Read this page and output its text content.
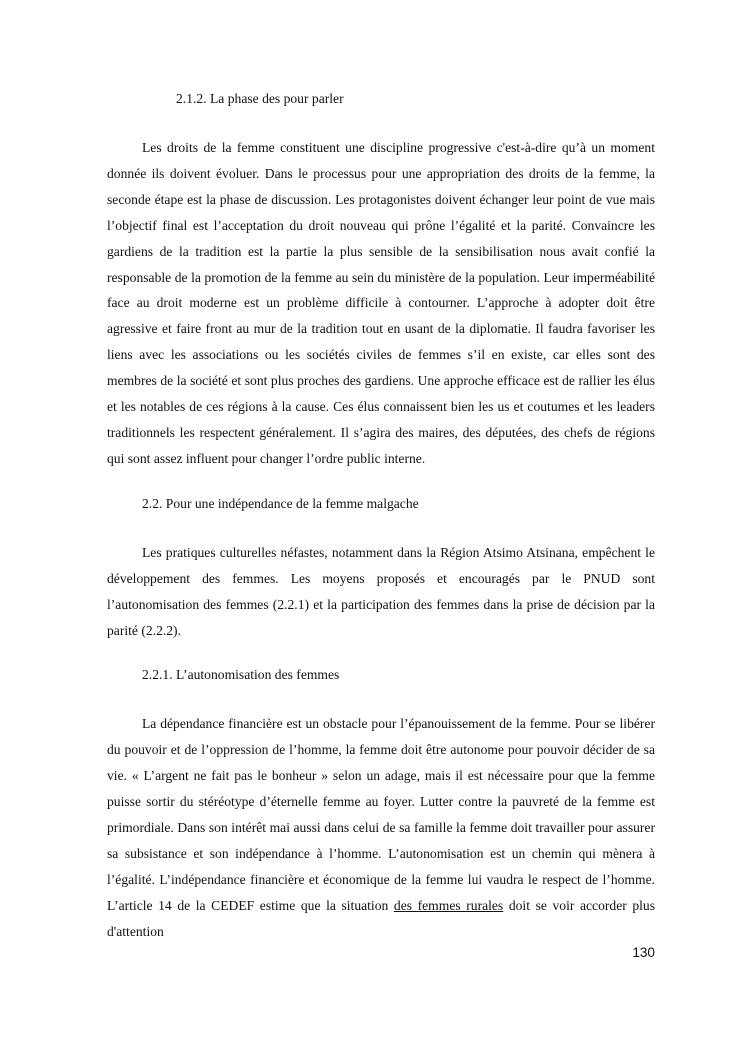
2.1.2. La phase des pour parler

Les droits de la femme constituent une discipline progressive c'est-à-dire qu’à un moment donnée ils doivent évoluer. Dans le processus pour une appropriation des droits de la femme, la seconde étape est la phase de discussion. Les protagonistes doivent échanger leur point de vue mais l’objectif final est l’acceptation du droit nouveau qui prône l’égalité et la parité. Convaincre les gardiens de la tradition est la partie la plus sensible de la sensibilisation nous avait confié la responsable de la promotion de la femme au sein du ministère de la population. Leur imperméabilité face au droit moderne est un problème difficile à contourner. L’approche à adopter doit être agressive et faire front au mur de la tradition tout en usant de la diplomatie. Il faudra favoriser les liens avec les associations ou les sociétés civiles de femmes s’il en existe, car elles sont des membres de la société et sont plus proches des gardiens. Une approche efficace est de rallier les élus et les notables de ces régions à la cause. Ces élus connaissent bien les us et coutumes et les leaders traditionnels les respectent généralement. Il s’agira des maires, des députées, des chefs de régions qui sont assez influent pour changer l’ordre public interne.

2.2. Pour une indépendance de la femme malgache

Les pratiques culturelles néfastes, notamment dans la Région Atsimo Atsinana, empêchent le développement des femmes. Les moyens proposés et encouragés par le PNUD sont l’autonomisation des femmes (2.2.1) et la participation des femmes dans la prise de décision par la parité (2.2.2).

2.2.1. L’autonomisation des femmes

La dépendance financière est un obstacle pour l’épanouissement de la femme. Pour se libérer du pouvoir et de l’oppression de l’homme, la femme doit être autonome pour pouvoir décider de sa vie. « L’argent ne fait pas le bonheur » selon un adage, mais il est nécessaire pour que la femme puisse sortir du stéréotype d’éternelle femme au foyer. Lutter contre la pauvreté de la femme est primordiale. Dans son intérêt mai aussi dans celui de sa famille la femme doit travailler pour assurer sa subsistance et son indépendance à l’homme. L’autonomisation est un chemin qui mènera à l’égalité. L’indépendance financière et économique de la femme lui vaudra le respect de l’homme. L’article 14 de la CEDEF estime que la situation des femmes rurales doit se voir accorder plus d'attention

130
